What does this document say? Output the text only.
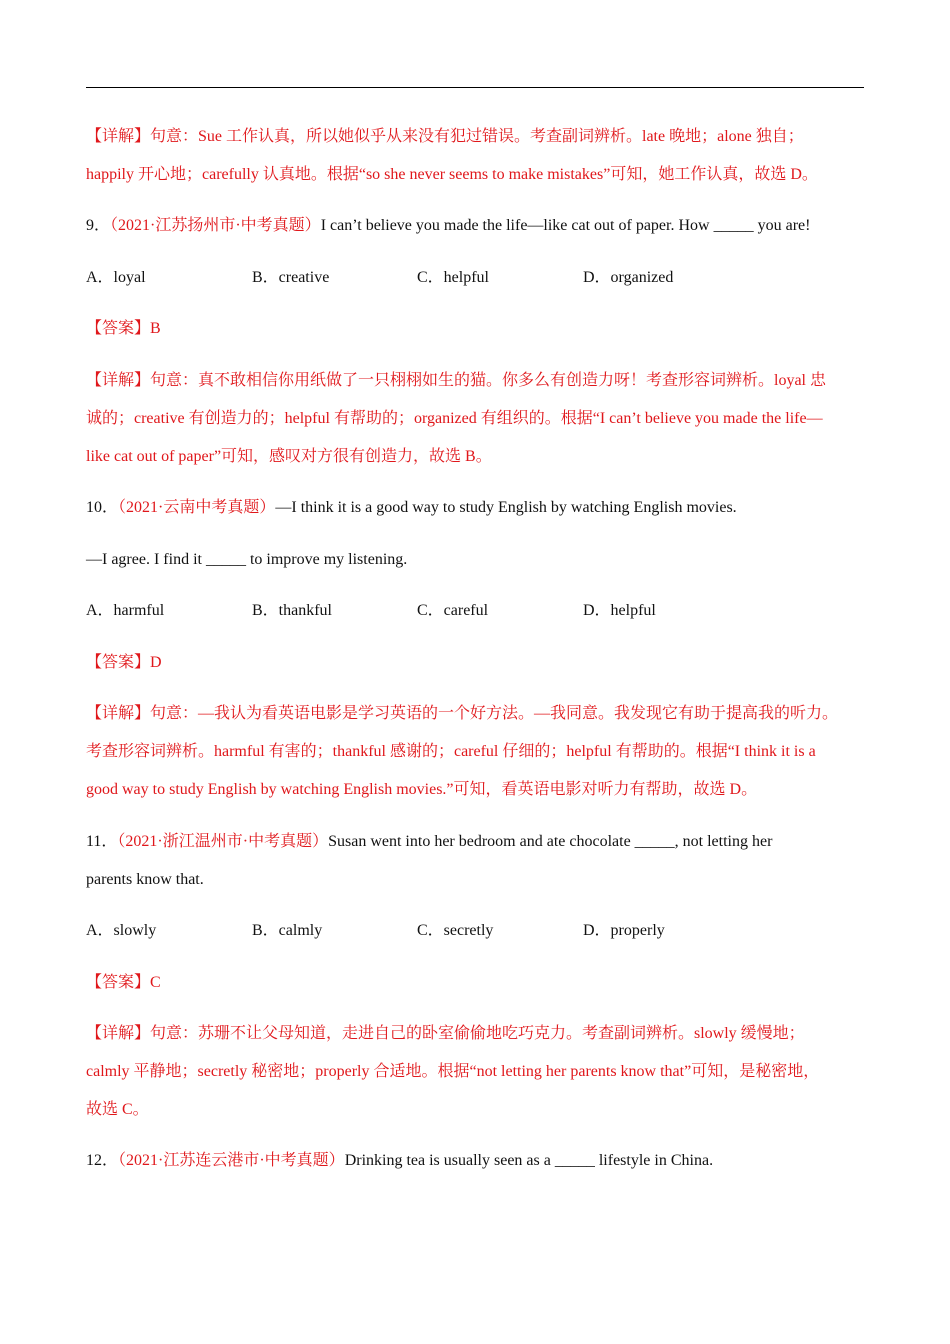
【详解】句意：Sue 工作认真，所以她似乎从来没有犯过错误。考查副词辨析。late 晚地；alone 独自；
happily 开心地；carefully 认真地。根据“so she never seems to make mistakes”可知，她工作认真，故选 D。
9．（2021·江苏扬州市·中考真题）I can’t believe you made the life—like cat out of paper. How _____ you are!
A．loyal	B．creative	C．helpful	D．organized
【答案】B
【详解】句意：真不敢相信你用纸做了一只栩栩如生的猫。你多么有创造力呀！考查形容词辨析。loyal 忠
诚的；creative 有创造力的；helpful 有帮助的；organized 有组织的。根据“I can’t believe you made the life—
like cat out of paper”可知，感叹对方很有创造力，故选 B。
10．（2021·云南中考真题）—I think it is a good way to study English by watching English movies.
—I agree. I find it _____ to improve my listening.
A．harmful	B．thankful	C．careful	D．helpful
【答案】D
【详解】句意：—我认为看英语电影是学习英语的一个好方法。—我同意。我发现它有助于提高我的听力。
考查形容词辨析。harmful 有害的；thankful 感谢的；careful 仔细的；helpful 有帮助的。根据“I think it is a
good way to study English by watching English movies.”可知，看英语电影对听力有帮助，故选 D。
11．（2021·浙江温州市·中考真题）Susan went into her bedroom and ate chocolate _____, not letting her
parents know that.
A．slowly	B．calmly	C．secretly	D．properly
【答案】C
【详解】句意：苏珊不让父母知道，走进自己的卧室偷偷地吃巧克力。考查副词辨析。slowly 缓慢地；
calmly 平静地；secretly 秘密地；properly 合适地。根据“not letting her parents know that”可知，是秘密地，
故选 C。
12．（2021·江苏连云港市·中考真题）Drinking tea is usually seen as a _____ lifestyle in China.
